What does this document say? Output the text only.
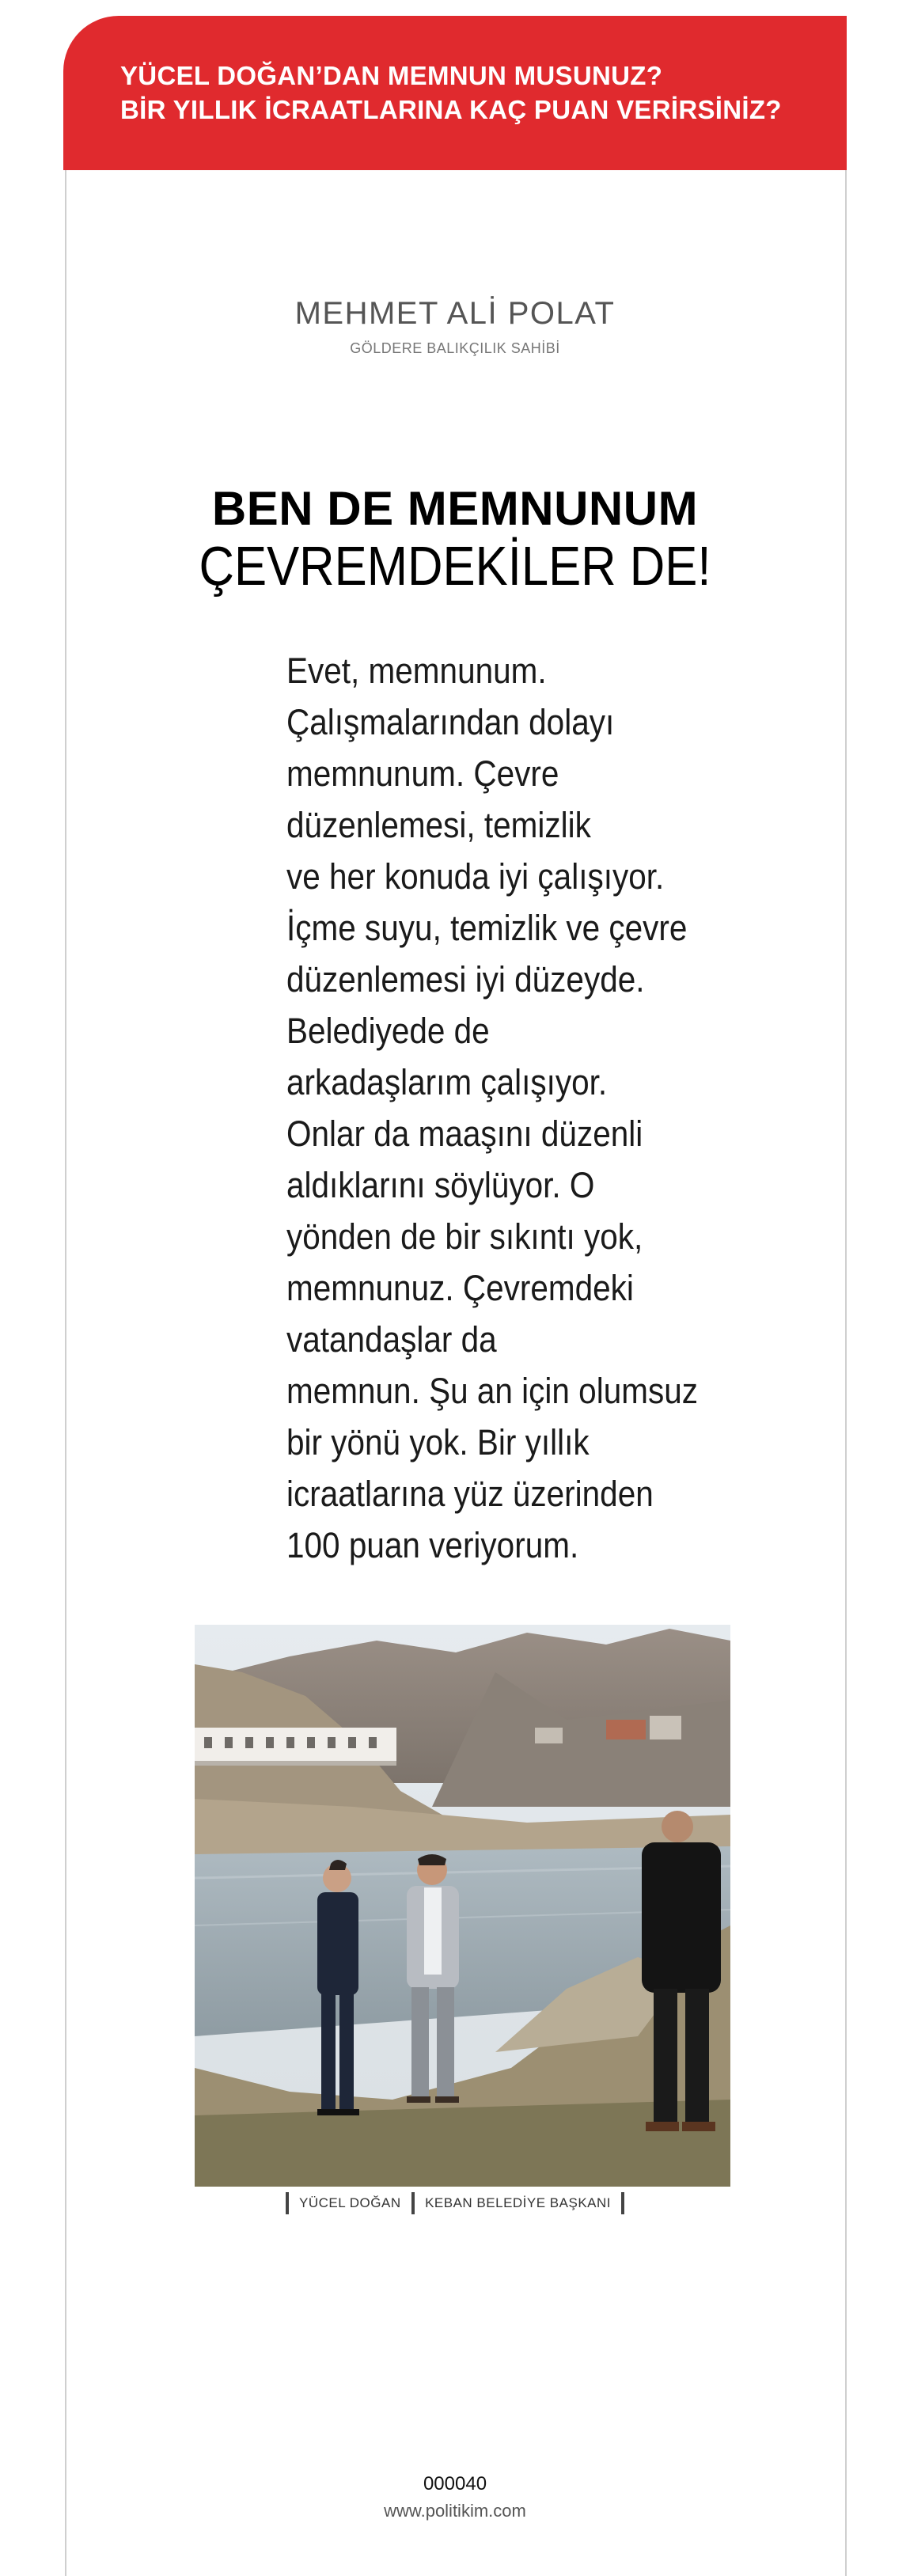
YÜCEL DOĞAN’DAN MEMNUN MUSUNUZ?
BİR YILLIK İCRAATLARINA KAÇ PUAN VERİRSİNİZ?
MEHMET ALİ POLAT
GÖLDERE BALIKÇILIK SAHİBİ
BEN DE MEMNUNUM
ÇEVREMDEKİLER DE!

Evet, memnunum.
Çalışmalarından dolayı
memnunum. Çevre
düzenlemesi, temizlik
ve her konuda iyi çalışıyor.
İçme suyu, temizlik ve çevre
düzenlemesi iyi düzeyde.
Belediyede de
arkadaşlarım çalışıyor.
Onlar da maaşını düzenli
aldıklarını söylüyor. O
yönden de bir sıkıntı yok,
memnunuz. Çevremdeki
vatandaşlar da
memnun. Şu an için olumsuz
bir yönü yok. Bir yıllık
icraatlarına yüz üzerinden
100 puan veriyorum.

YÜCEL DOĞAN KEBAN BELEDİYE BAŞKANI
000040
www.politikim.com
